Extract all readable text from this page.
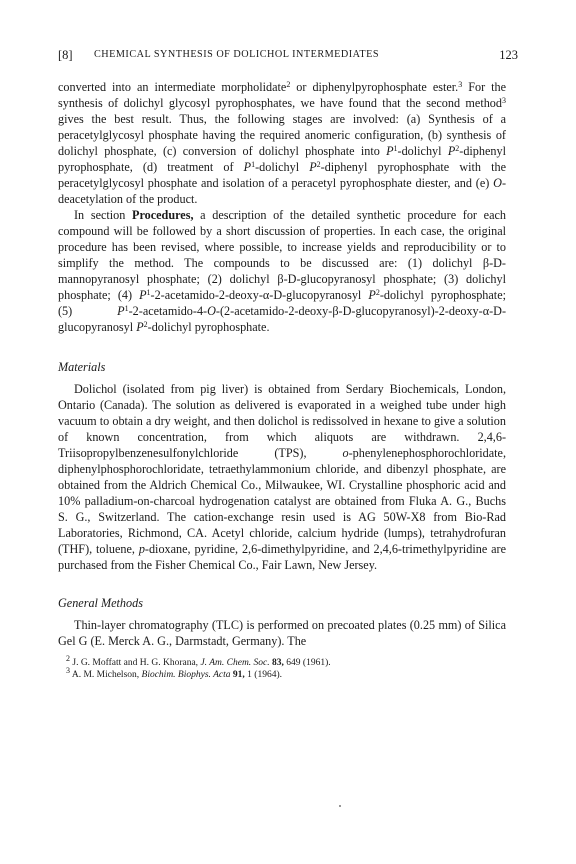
[8] CHEMICAL SYNTHESIS OF DOLICHOL INTERMEDIATES	123

converted into an intermediate morpholidate$^2$ or diphenylpyrophosphate ester.$^3$ For the synthesis of dolichyl glycosyl pyrophosphates, we have found that the second method$^3$ gives the best result. Thus, the following stages are involved: (a) Synthesis of a peracetylglycosyl phosphate having the required anomeric configuration, (b) synthesis of dolichyl phosphate, (c) conversion of dolichyl phosphate into $P^1$-dolichyl $P^2$-diphenyl pyrophosphate, (d) treatment of $P^1$-dolichyl $P^2$-diphenyl pyrophosphate with the peracetylglycosyl phosphate and isolation of a peracetyl pyrophosphate diester, and (e) O-deacetylation of the product.

In section Procedures, a description of the detailed synthetic procedure for each compound will be followed by a short discussion of properties. In each case, the original procedure has been revised, where possible, to increase yields and reproducibility or to simplify the method. The compounds to be discussed are: (1) dolichyl β-D-mannopyranosyl phosphate; (2) dolichyl β-D-glucopyranosyl phosphate; (3) dolichyl phosphate; (4) $P^1-2-acetamido-2-deoxy-\alpha-D$-glucopyranosyl $P^2$-dolichyl pyrophosphate; (5) $P^1-2-acetamido-4-O-(2-acetamido-2-deoxy-\beta-D-glucopyranosyl)-2-deoxy-\alpha-D$-glucopyranosyl $P^2$-dolichyl pyrophosphate.

Materials

Dolichol (isolated from pig liver) is obtained from Serdary Biochemicals, London, Ontario (Canada). The solution as delivered is evaporated in a weighed tube under high vacuum to obtain a dry weight, and then dolichol is redissolved in hexane to give a solution of known concentration, from which aliquots are withdrawn. 2,4,6-Triisopropylbenzenesulfonylchloride (TPS), o-phenylenephosphorochloridate, diphenylphosphorochloridate, tetraethylammonium chloride, and dibenzyl phosphate, are obtained from the Aldrich Chemical Co., Milwaukee, WI. Crystalline phosphoric acid and 10% palladium-on-charcoal hydrogenation catalyst are obtained from Fluka A. G., Buchs S. G., Switzerland. The cation-exchange resin used is AG 50W-X8 from Bio-Rad Laboratories, Richmond, CA. Acetyl chloride, calcium hydride (lumps), tetrahydrofuran (THF), toluene, p-dioxane, pyridine, 2,6-dimethylpyridine, and 2,4,6-trimethylpyridine are purchased from the Fisher Chemical Co., Fair Lawn, New Jersey.

General Methods

Thin-layer chromatography (TLC) is performed on precoated plates (0.25 mm) of Silica Gel G (E. Merck A. G., Darmstadt, Germany). The

$^2$ J. G. Moffatt and H. G. Khorana, J. Am. Chem. Soc. 83, 649 (1961).
$^3$ A. M. Michelson, Biochim. Biophys. Acta 91, 1 (1964).
